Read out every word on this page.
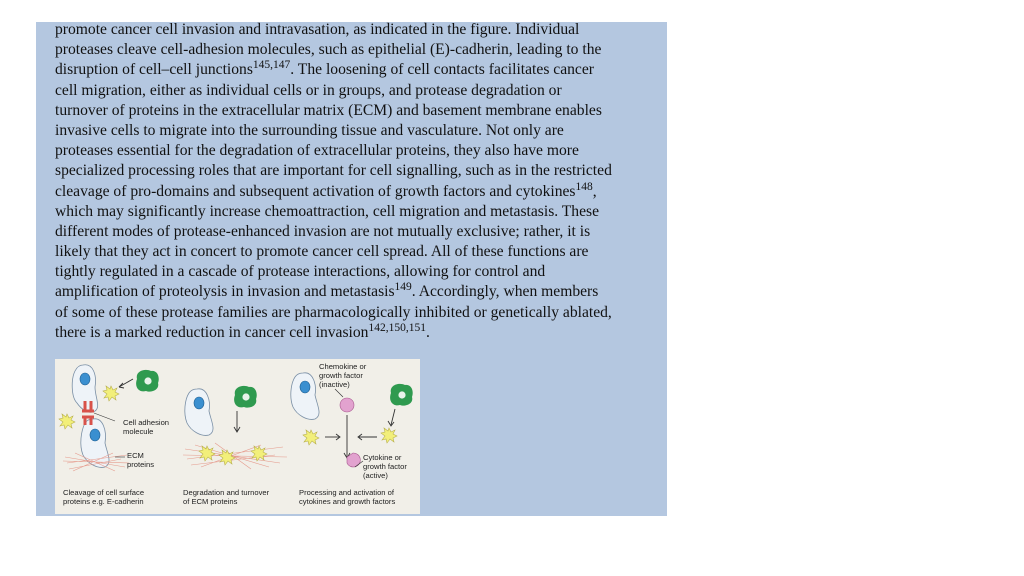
promote cancer cell invasion and intravasation, as indicated in the figure. Individual
proteases cleave cell-adhesion molecules, such as epithelial (E)-cadherin, leading to the
disruption of cell–cell junctions$^{145,147}$. The loosening of cell contacts facilitates cancer
cell migration, either as individual cells or in groups, and protease degradation or
turnover of proteins in the extracellular matrix (ECM) and basement membrane enables
invasive cells to migrate into the surrounding tissue and vasculature. Not only are
proteases essential for the degradation of extracellular proteins, they also have more
specialized processing roles that are important for cell signalling, such as in the restricted
cleavage of pro-domains and subsequent activation of growth factors and cytokines$^{148}$,
which may significantly increase chemoattraction, cell migration and metastasis. These
different modes of protease-enhanced invasion are not mutually exclusive; rather, it is
likely that they act in concert to promote cancer cell spread. All of these functions are
tightly regulated in a cascade of protease interactions, allowing for control and
amplification of proteolysis in invasion and metastasis$^{149}$. Accordingly, when members
of some of these protease families are pharmacologically inhibited or genetically ablated,
there is a marked reduction in cancer cell invasion$^{142,150,151}$.
Cell adhesion
molecule
ECM
proteins
Chemokine or
growth factor
(inactive)
Cytokine or
growth factor
(active)
Cleavage of cell surface
proteins e.g. E-cadherin
Degradation and turnover
of ECM proteins
Processing and activation of
cytokines and growth factors
